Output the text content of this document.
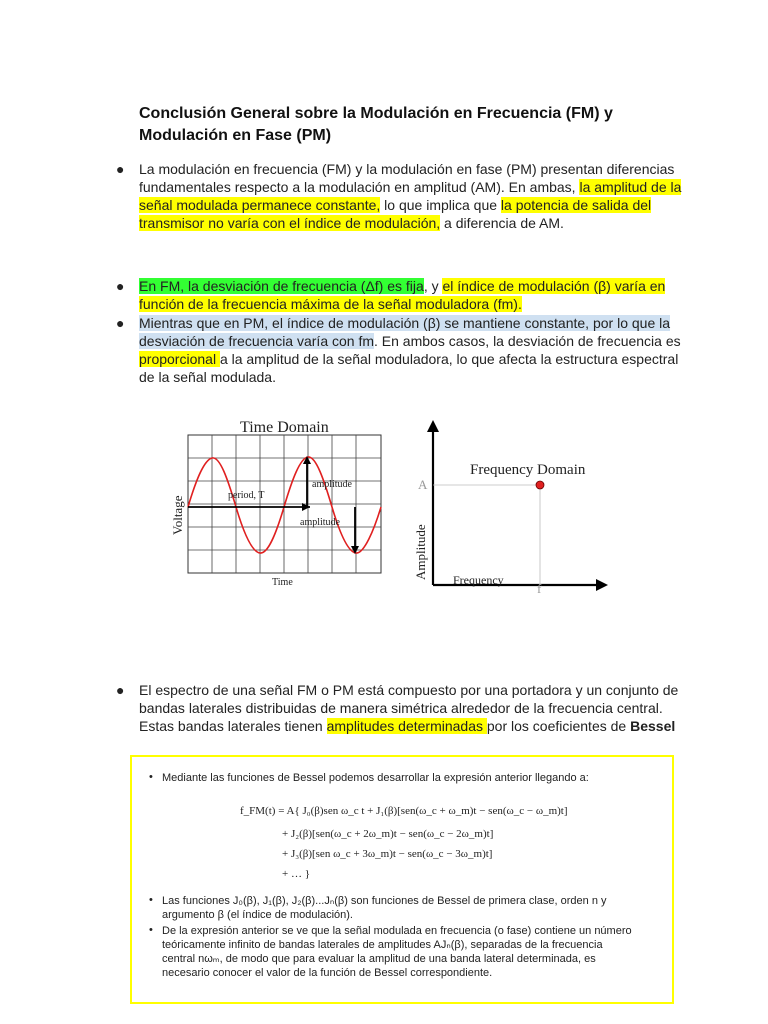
Conclusión General sobre la Modulación en Frecuencia (FM) y
Modulación en Fase (PM)
● La modulación en frecuencia (FM) y la modulación en fase (PM) presentan diferencias fundamentales respecto a la modulación en amplitud (AM). En ambas, la amplitud de la señal modulada permanece constante, lo que implica que la potencia de salida del transmisor no varía con el índice de modulación, a diferencia de AM.
● En FM, la desviación de frecuencia (Δf) es fija, y el índice de modulación (β) varía en función de la frecuencia máxima de la señal moduladora (fm).
● Mientras que en PM, el índice de modulación (β) se mantiene constante, por lo que la desviación de frecuencia varía con fm. En ambos casos, la desviación de frecuencia es proporcional a la amplitud de la señal moduladora, lo que afecta la estructura espectral de la señal modulada.
Time Domain
period, T
amplitude
amplitude
Voltage
Time
Frequency Domain
A
Amplitude Frequency
f
● El espectro de una señal FM o PM está compuesto por una portadora y un conjunto de bandas laterales distribuidas de manera simétrica alrededor de la frecuencia central. Estas bandas laterales tienen amplitudes determinadas por los coeficientes de Bessel
• Mediante las funciones de Bessel podemos desarrollar la expresión anterior llegando a:
f_FM(t) = A{ J₀(β)sen ω_c t + J₁(β)[sen(ω_c + ω_m)t − sen(ω_c − ω_m)t]
+ J₂(β)[sen(ω_c + 2ω_m)t − sen(ω_c − 2ω_m)t]
+ J₃(β)[sen ω_c + 3ω_m)t − sen(ω_c − 3ω_m)t]
+ … }
• Las funciones J₀(β), J₁(β), J₂(β)...Jₙ(β) son funciones de Bessel de primera clase, orden n y
argumento β (el índice de modulación).
• De la expresión anterior se ve que la señal modulada en frecuencia (o fase) contiene un número
teóricamente infinito de bandas laterales de amplitudes AJₙ(β), separadas de la frecuencia
central nωₘ, de modo que para evaluar la amplitud de una banda lateral determinada, es
necesario conocer el valor de la función de Bessel correspondiente.
